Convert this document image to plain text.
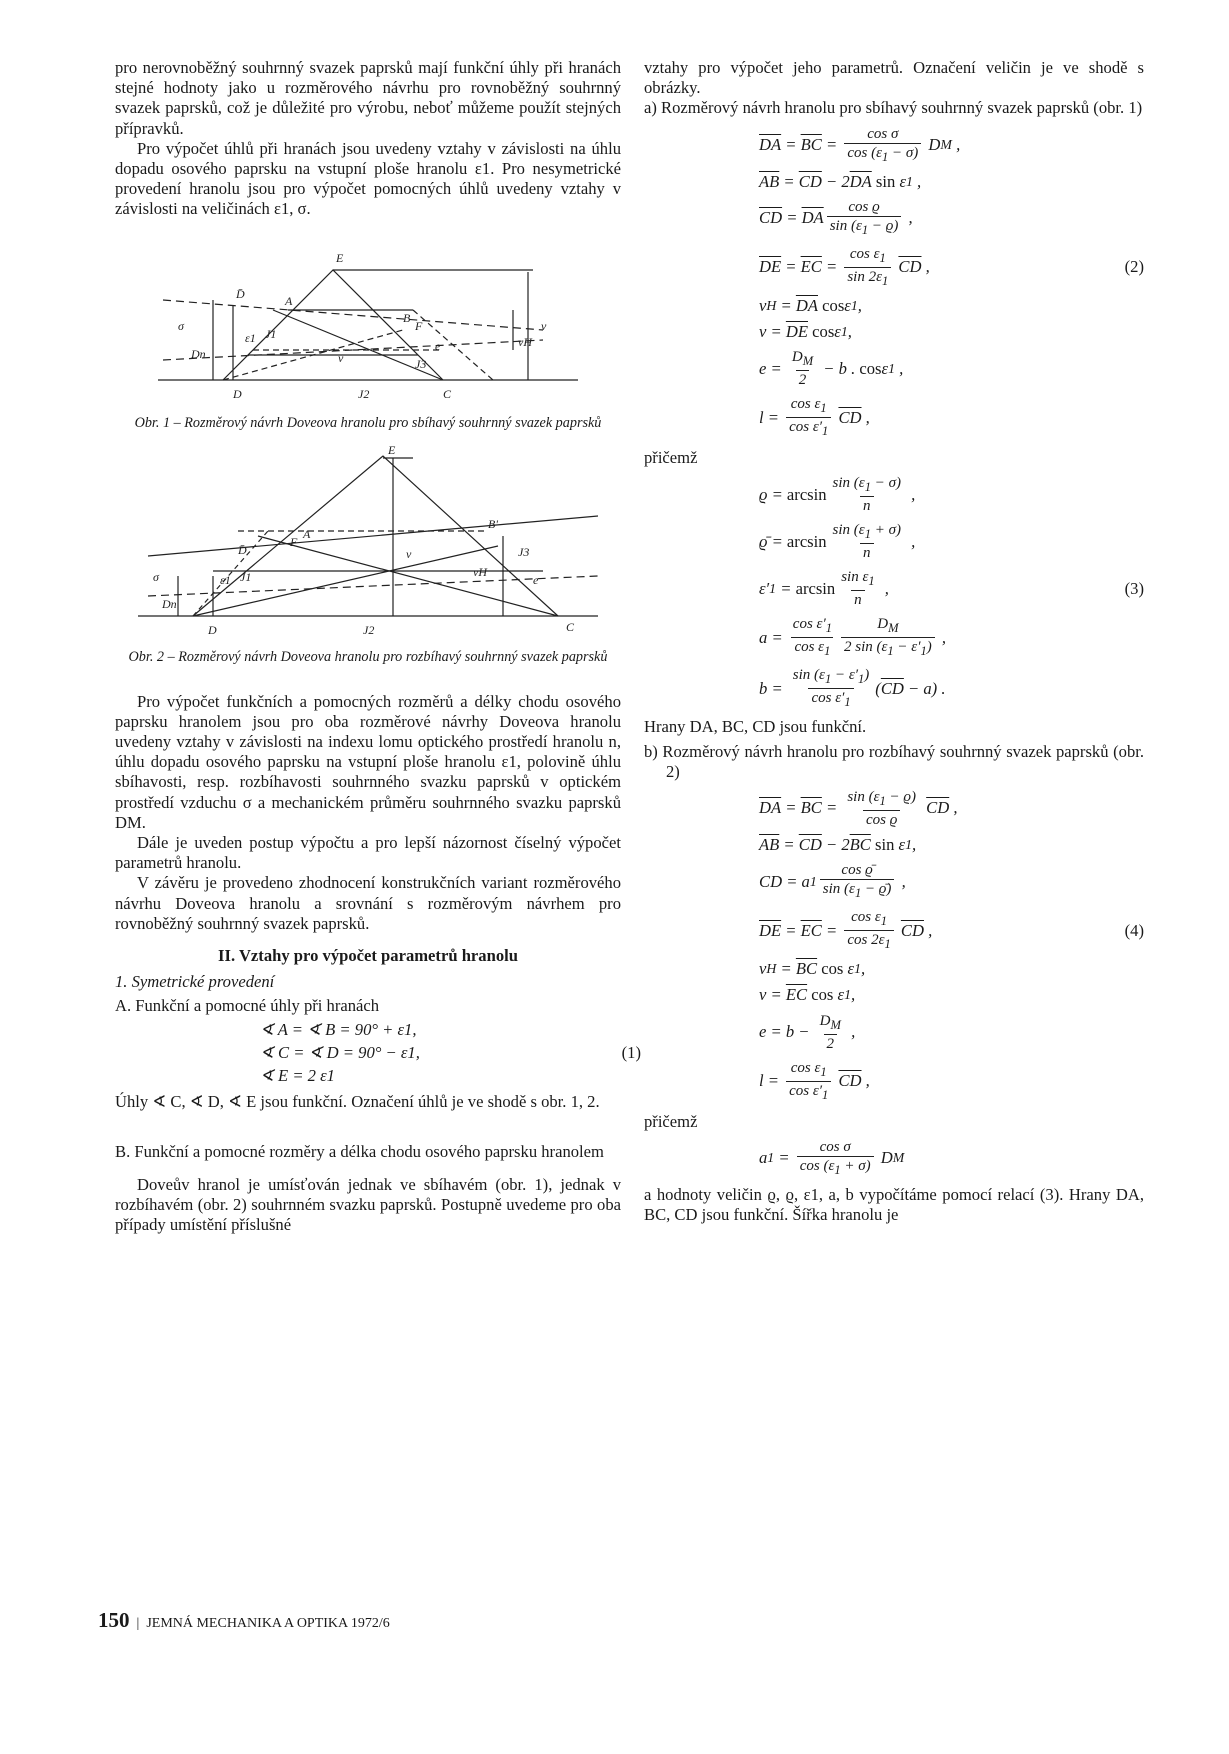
pro nerovnoběžný souhrnný svazek paprsků mají funkční úhly při hranách stejné hodnoty jako u rozměrového návrhu pro rovnoběžný souhrnný svazek paprsků, což je důležité pro výrobu, neboť můžeme použít stejných přípravků.

Pro výpočet úhlů při hranách jsou uvedeny vztahy v závislosti na úhlu dopadu osového paprsku na vstupní ploše hranolu ε1. Pro nesymetrické provedení hranolu jsou pro výpočet pomocných úhlů uvedeny vztahy v závislosti na veličinách ε1, σ.

E
D̄	A
B
F
σ
ε1 J1
Dn	ν	J3
e	vH
v
D	J2	C

Obr. 1 – Rozměrový návrh Doveova hranolu pro sbíhavý souhrnný svazek paprsků

E
D̄
A
B'
F
σ	ε1 J1
Dn
v
vH
J3
e
D	J2	C

Obr. 2 – Rozměrový návrh Doveova hranolu pro rozbíhavý souhrnný svazek paprsků

Pro výpočet funkčních a pomocných rozměrů a délky chodu osového paprsku hranolem jsou pro oba rozměrové návrhy Doveova hranolu uvedeny vztahy v závislosti na indexu lomu optického prostředí hranolu n, úhlu dopadu osového paprsku na vstupní ploše hranolu ε1, polovině úhlu sbíhavosti, resp. rozbíhavosti souhrnného svazku paprsků v optickém prostředí vzduchu σ a mechanickém průměru souhrnného svazku paprsků DM.

Dále je uveden postup výpočtu a pro lepší názornost číselný výpočet parametrů hranolu.

V závěru je provedeno zhodnocení konstrukčních variant rozměrového návrhu Doveova hranolu a srovnání s rozměrovým návrhem pro rovnoběžný souhrnný svazek paprsků.

II. Vztahy pro výpočet parametrů hranolu

1. Symetrické provedení

A. Funkční a pomocné úhly při hranách

∢ A = ∢ B = 90° + ε1,
∢ C = ∢ D = 90° − ε1,	(1)
∢ E = 2 ε1

Úhly ∢ C, ∢ D, ∢ E jsou funkční. Označení úhlů je ve shodě s obr. 1, 2.

B. Funkční a pomocné rozměry a délka chodu osového paprsku hranolem

Doveův hranol je umísťován jednak ve sbíhavém (obr. 1), jednak v rozbíhavém (obr. 2) souhrnném svazku paprsků. Postupně uvedeme pro oba případy umístění příslušné

vztahy pro výpočet jeho parametrů. Označení veličin je ve shodě s obrázky.

a) Rozměrový návrh hranolu pro sbíhavý souhrnný svazek paprsků (obr. 1)

$\overline{DA} = \overline{BC} = \frac{\text{cos σ}}{\cos (\varepsilon_1 - \sigma)}$ D M ,
$\overline{AB} = \overline{CD} - 2$ $\overline{DA}$
sin ε 1 ,
$\overline{CD} = \overline{DA} \frac{\text{cos ϱ}}{\sin (\varepsilon_1 - ϱ)}$ ,
$\overline{DE} = \overline{EC} = \frac{\cos \varepsilon_1}{\sin 2\varepsilon_1}$
$\overline{CD}$ ,	(2)
v $H = \overline{DA}$
cos ε 1 ,
$v = \overline{DE}$
cos ε 1 ,
$e = \frac{D_M}{2} - b$ . cos ε 1 ,
$l = \frac{\cos \varepsilon_1}{\cos \varepsilon'_1}$
$\overline{CD}$ ,

přičemž

$ϱ = \arcsin \frac{\sin (\varepsilon_1 - \sigma)}{n}$ ,
ϱ̄ = $\arcsin \frac{\sin (\varepsilon_1 + \sigma)}{n}$ ,
ε′ $1 = \arcsin \frac{\sin \varepsilon_1}{n}$ ,	(3)
$a = \frac{\cos \varepsilon'_1}{\cos \varepsilon_1} \frac{D_M}{2 \sin (\varepsilon_1 - \varepsilon'_1)}$ ,
$b = \frac{\sin (\varepsilon_1 - \varepsilon'_1)}{\cos \varepsilon'_1}$ ( $\overline{CD} - a$) .

Hrany DA, BC, CD jsou funkční.

b) Rozměrový návrh hranolu pro rozbíhavý souhrnný svazek paprsků (obr. 2)

$\overline{DA} = \overline{BC} = \frac{\sin (\varepsilon_1 - ϱ)}{\text{cos ϱ}}$
$\overline{CD}$ ,
$\overline{AB} = \overline{CD} - 2$ $\overline{BC}$
sin ε 1 ,
CD = a $1 \frac{\text{cos ϱ̄}}{\sin (\varepsilon_1 - ϱ̄)}$ ,
$\overline{DE} = \overline{EC} = \frac{\cos \varepsilon_1}{\cos 2\varepsilon_1}$
$\overline{CD}$ ,	(4)
v $H = \overline{BC}$
cos ε 1 ,
$v = \overline{EC}$
cos ε 1 ,
$e = b - \frac{D_M}{2}$ ,
$l = \frac{\cos \varepsilon_1}{\cos \varepsilon'_1}$
$\overline{CD}$ ,

přičemž

a $1 = \frac{\text{cos σ}}{\cos (\varepsilon_1 + \sigma)}$ D M

a hodnoty veličin ϱ, ϱ, ε1, a, b vypočítáme pomocí relací (3). Hrany DA, BC, CD jsou funkční. Šířka hranolu je

150  |  JEMNÁ MECHANIKA A OPTIKA 1972/6
